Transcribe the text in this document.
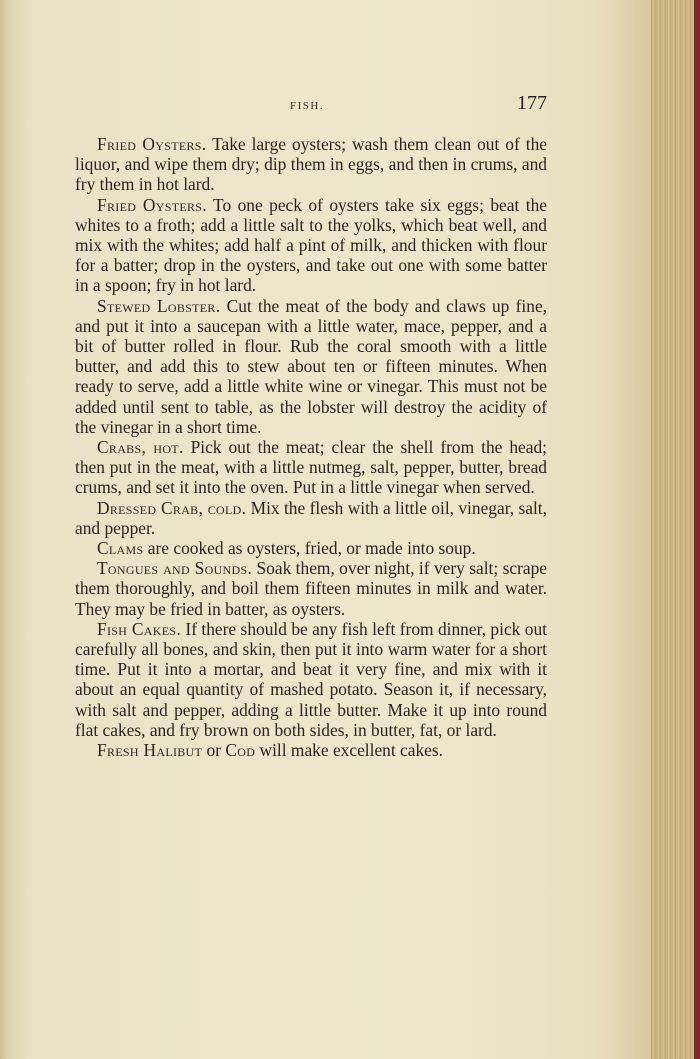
FISH.	177

Fried Oysters. Take large oysters; wash them clean out of the liquor, and wipe them dry; dip them in eggs, and then in crums, and fry them in hot lard.

Fried Oysters. To one peck of oysters take six eggs; beat the whites to a froth; add a little salt to the yolks, which beat well, and mix with the whites; add half a pint of milk, and thicken with flour for a batter; drop in the oysters, and take out one with some batter in a spoon; fry in hot lard.

Stewed Lobster. Cut the meat of the body and claws up fine, and put it into a saucepan with a little water, mace, pepper, and a bit of butter rolled in flour. Rub the coral smooth with a little butter, and add this to stew about ten or fifteen minutes. When ready to serve, add a little white wine or vinegar. This must not be added until sent to table, as the lobster will destroy the acidity of the vinegar in a short time.

Crabs, hot. Pick out the meat; clear the shell from the head; then put in the meat, with a little nutmeg, salt, pepper, butter, bread crums, and set it into the oven. Put in a little vinegar when served.

Dressed Crab, cold. Mix the flesh with a little oil, vinegar, salt, and pepper.

Clams are cooked as oysters, fried, or made into soup.

Tongues and Sounds. Soak them, over night, if very salt; scrape them thoroughly, and boil them fifteen minutes in milk and water. They may be fried in batter, as oysters.

Fish Cakes. If there should be any fish left from dinner, pick out carefully all bones, and skin, then put it into warm water for a short time. Put it into a mortar, and beat it very fine, and mix with it about an equal quantity of mashed potato. Season it, if necessary, with salt and pepper, adding a little butter. Make it up into round flat cakes, and fry brown on both sides, in butter, fat, or lard.

Fresh Halibut or Cod will make excellent cakes.
